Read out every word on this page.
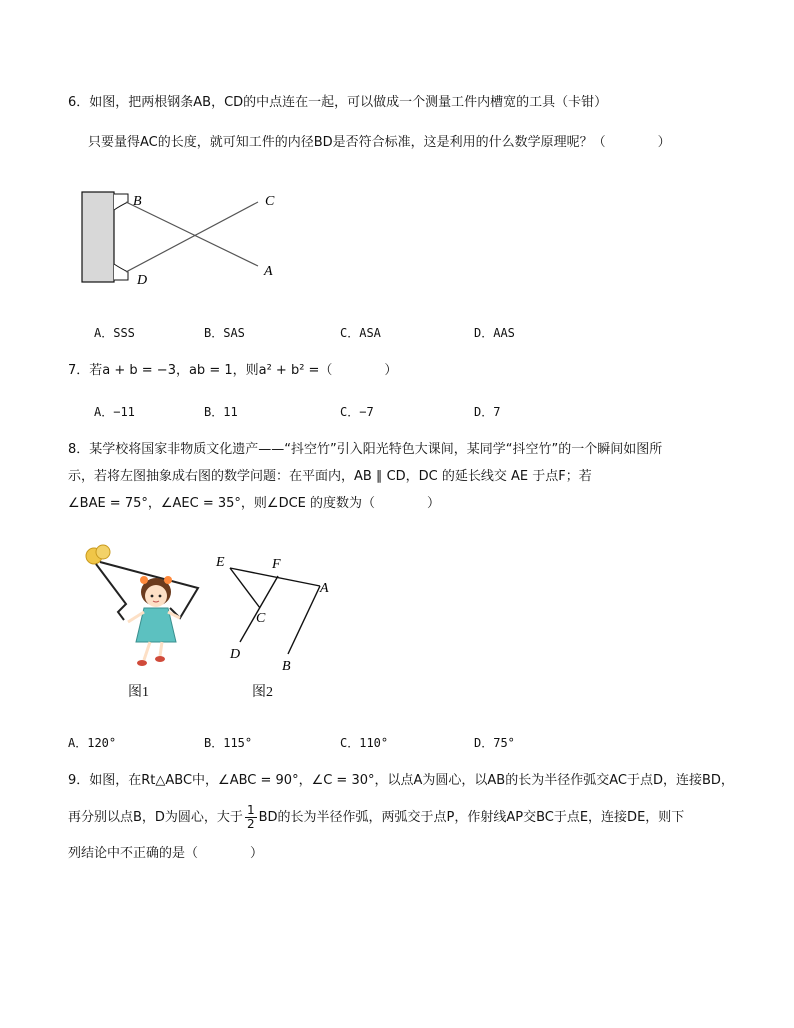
6．如图，把两根钢条AB，CD的中点连在一起，可以做成一个测量工件内槽宽的工具（卡钳）
只要量得AC的长度，就可知工件的内径BD是否符合标准，这是利用的什么数学原理呢？（　　　　）
B	C
D
A
A．SSS	B．SAS	C．ASA	D．AAS
7．若a + b = −3，ab = 1，则a² + b² =（　　　　）
A．−11	B．11	C．−7	D．7
8．某学校将国家非物质文化遗产——“抖空竹”引入阳光特色大课间，某同学“抖空竹”的一个瞬间如图所
示，若将左图抽象成右图的数学问题：在平面内，AB ∥ CD，DC 的延长线交 AE 于点F；若
∠BAE = 75°，∠AEC = 35°，则∠DCE 的度数为（　　　　）
图1
E	F
A
C
D
B
图2
A．120°	B．115°	C．110°	D．75°
9．如图，在Rt△ABC中，∠ABC = 90°，∠C = 30°，以点A为圆心，以AB的长为半径作弧交AC于点D，连接BD，
再分别以点B，D为圆心，大于 $\frac{1}{2}$ BD的长为半径作弧，两弧交于点P，作射线AP交BC于点E，连接DE，则下
列结论中不正确的是（　　　　）
